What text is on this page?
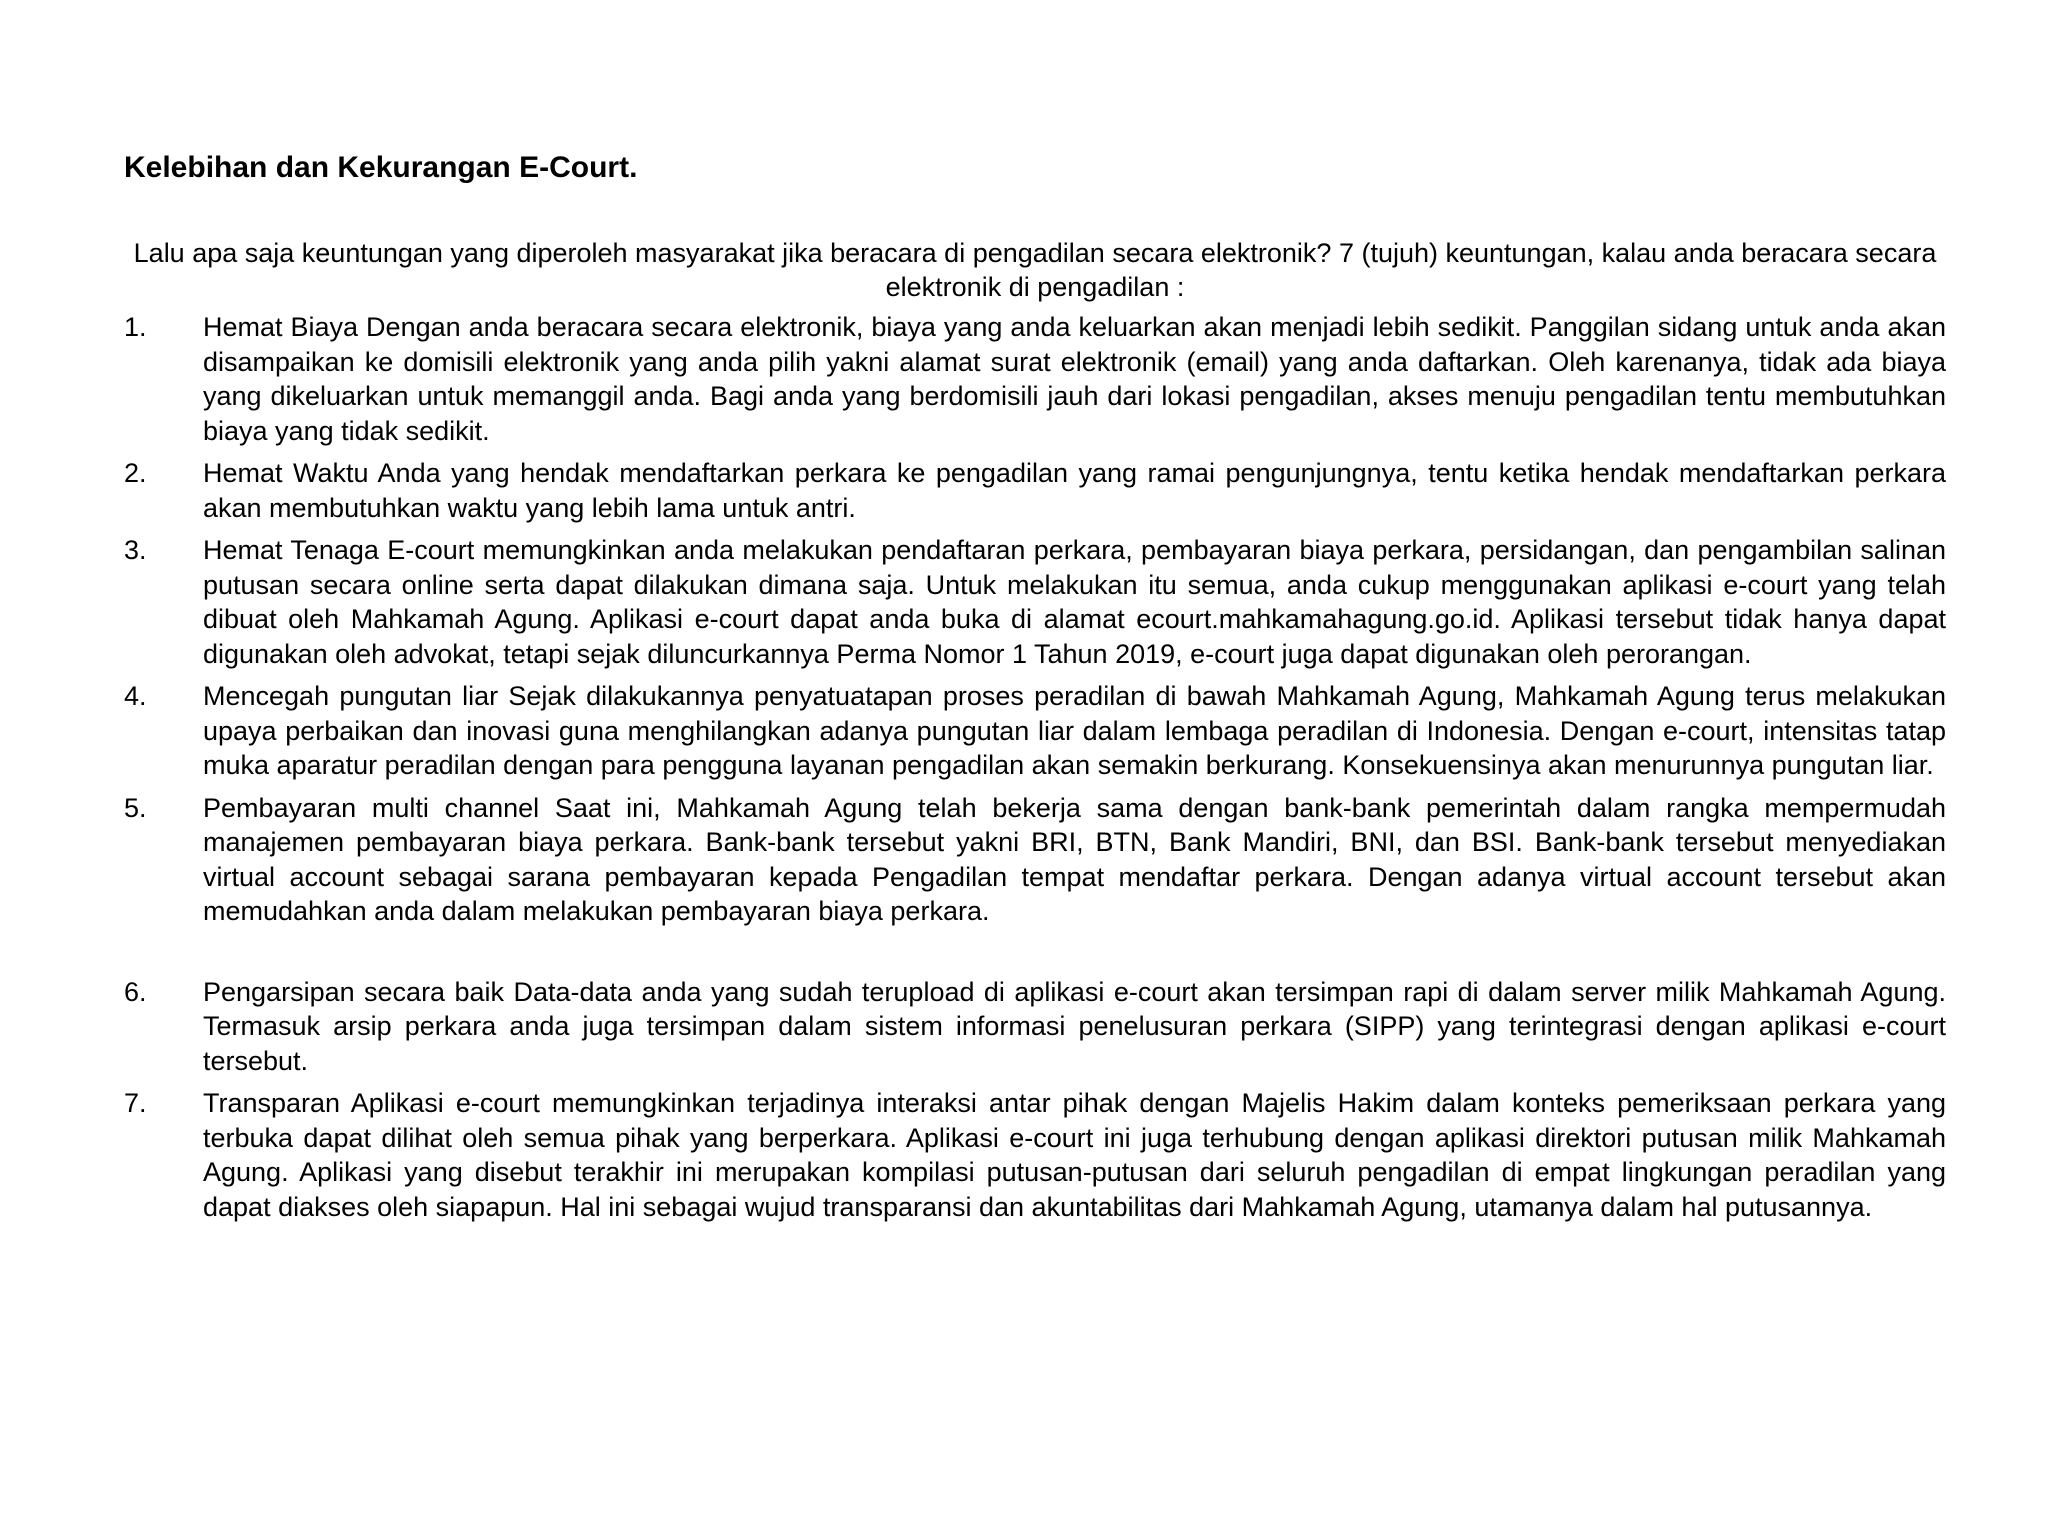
Kelebihan dan Kekurangan E-Court.

Lalu apa saja keuntungan yang diperoleh masyarakat jika beracara di pengadilan secara elektronik? 7 (tujuh) keuntungan, kalau anda beracara secara elektronik di pengadilan :

1. Hemat Biaya Dengan anda beracara secara elektronik, biaya yang anda keluarkan akan menjadi lebih sedikit. Panggilan sidang untuk anda akan disampaikan ke domisili elektronik yang anda pilih yakni alamat surat elektronik (email) yang anda daftarkan. Oleh karenanya, tidak ada biaya yang dikeluarkan untuk memanggil anda. Bagi anda yang berdomisili jauh dari lokasi pengadilan, akses menuju pengadilan tentu membutuhkan biaya yang tidak sedikit.
2. Hemat Waktu Anda yang hendak mendaftarkan perkara ke pengadilan yang ramai pengunjungnya, tentu ketika hendak mendaftarkan perkara akan membutuhkan waktu yang lebih lama untuk antri.
3. Hemat Tenaga E-court memungkinkan anda melakukan pendaftaran perkara, pembayaran biaya perkara, persidangan, dan pengambilan salinan putusan secara online serta dapat dilakukan dimana saja. Untuk melakukan itu semua, anda cukup menggunakan aplikasi e-court yang telah dibuat oleh Mahkamah Agung. Aplikasi e-court dapat anda buka di alamat ecourt.mahkamahagung.go.id. Aplikasi tersebut tidak hanya dapat digunakan oleh advokat, tetapi sejak diluncurkannya Perma Nomor 1 Tahun 2019, e-court juga dapat digunakan oleh perorangan.
4. Mencegah pungutan liar Sejak dilakukannya penyatuatapan proses peradilan di bawah Mahkamah Agung, Mahkamah Agung terus melakukan upaya perbaikan dan inovasi guna menghilangkan adanya pungutan liar dalam lembaga peradilan di Indonesia. Dengan e-court, intensitas tatap muka aparatur peradilan dengan para pengguna layanan pengadilan akan semakin berkurang. Konsekuensinya akan menurunnya pungutan liar.
5. Pembayaran multi channel Saat ini, Mahkamah Agung telah bekerja sama dengan bank-bank pemerintah dalam rangka mempermudah manajemen pembayaran biaya perkara. Bank-bank tersebut yakni BRI, BTN, Bank Mandiri, BNI, dan BSI. Bank-bank tersebut menyediakan virtual account sebagai sarana pembayaran kepada Pengadilan tempat mendaftar perkara. Dengan adanya virtual account tersebut akan memudahkan anda dalam melakukan pembayaran biaya perkara.
6. Pengarsipan secara baik Data-data anda yang sudah terupload di aplikasi e-court akan tersimpan rapi di dalam server milik Mahkamah Agung. Termasuk arsip perkara anda juga tersimpan dalam sistem informasi penelusuran perkara (SIPP) yang terintegrasi dengan aplikasi e-court tersebut.
7. Transparan Aplikasi e-court memungkinkan terjadinya interaksi antar pihak dengan Majelis Hakim dalam konteks pemeriksaan perkara yang terbuka dapat dilihat oleh semua pihak yang berperkara. Aplikasi e-court ini juga terhubung dengan aplikasi direktori putusan milik Mahkamah Agung. Aplikasi yang disebut terakhir ini merupakan kompilasi putusan-putusan dari seluruh pengadilan di empat lingkungan peradilan yang dapat diakses oleh siapapun. Hal ini sebagai wujud transparansi dan akuntabilitas dari Mahkamah Agung, utamanya dalam hal putusannya.
